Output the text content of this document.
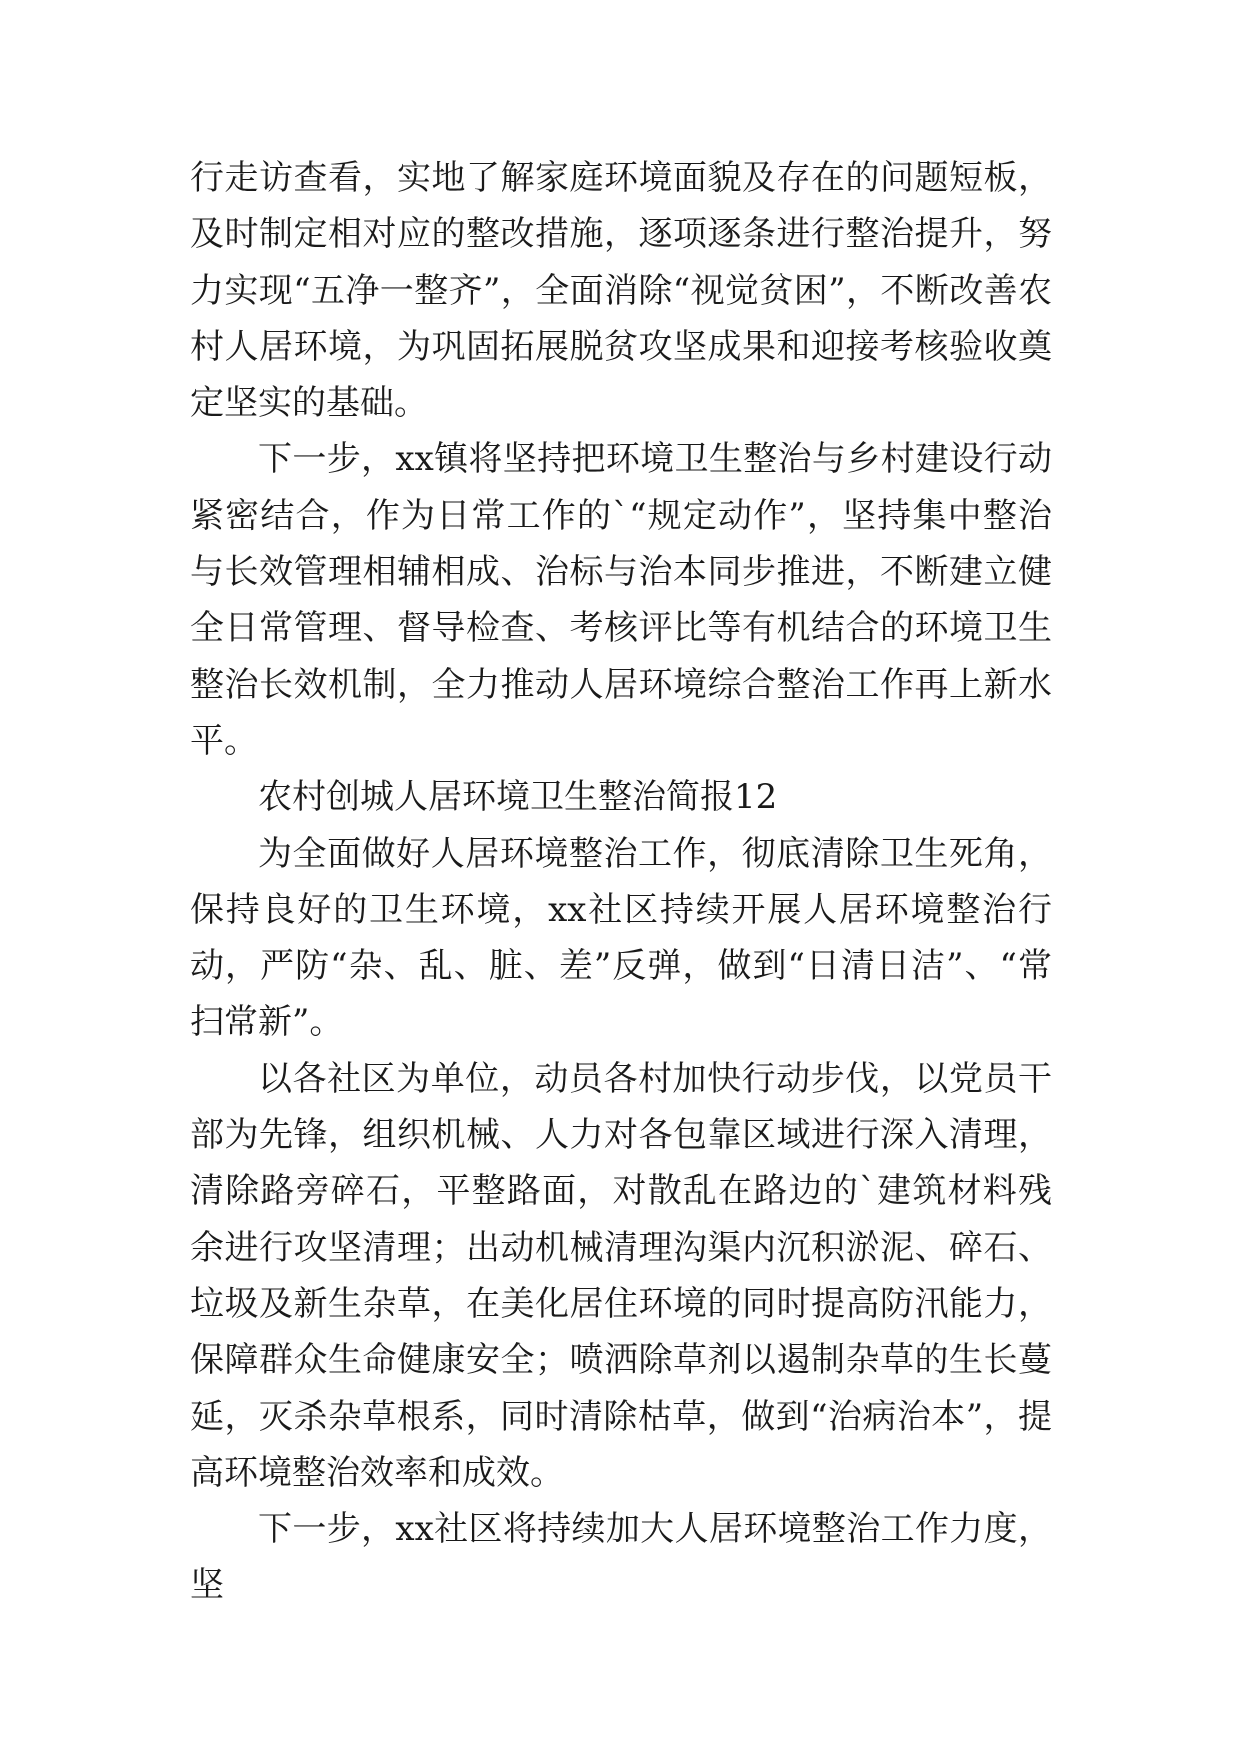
行走访查看，实地了解家庭环境面貌及存在的问题短板，及时制定相对应的整改措施，逐项逐条进行整治提升，努力实现“五净一整齐”，全面消除“视觉贫困”，不断改善农村人居环境，为巩固拓展脱贫攻坚成果和迎接考核验收奠定坚实的基础。

下一步，xx镇将坚持把环境卫生整治与乡村建设行动紧密结合，作为日常工作的`“规定动作”，坚持集中整治与长效管理相辅相成、治标与治本同步推进，不断建立健全日常管理、督导检查、考核评比等有机结合的环境卫生整治长效机制，全力推动人居环境综合整治工作再上新水平。

农村创城人居环境卫生整治简报12

为全面做好人居环境整治工作，彻底清除卫生死角，保持良好的卫生环境，xx社区持续开展人居环境整治行动，严防“杂、乱、脏、差”反弹，做到“日清日洁”、“常扫常新”。

以各社区为单位，动员各村加快行动步伐，以党员干部为先锋，组织机械、人力对各包靠区域进行深入清理，清除路旁碎石，平整路面，对散乱在路边的`建筑材料残余进行攻坚清理；出动机械清理沟渠内沉积淤泥、碎石、垃圾及新生杂草，在美化居住环境的同时提高防汛能力，保障群众生命健康安全；喷洒除草剂以遏制杂草的生长蔓延，灭杀杂草根系，同时清除枯草，做到“治病治本”，提高环境整治效率和成效。

下一步，xx社区将持续加大人居环境整治工作力度，坚
